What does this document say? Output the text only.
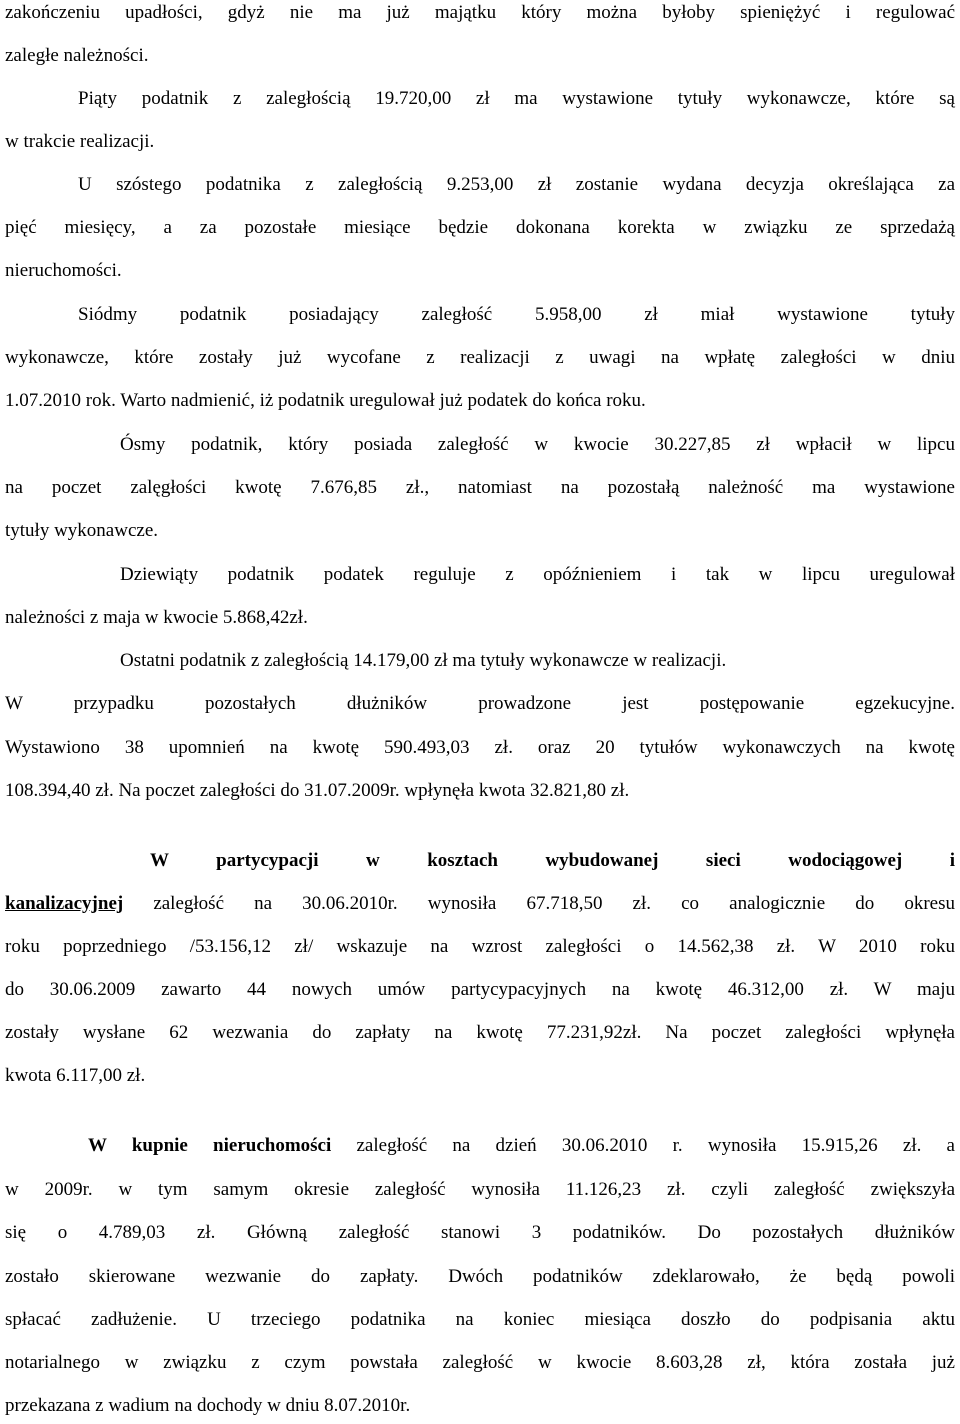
zakończeniu upadłości, gdyż nie ma już majątku który można byłoby spieniężyć i regulować
zaległe należności.
Piąty podatnik z zaległością 19.720,00 zł ma wystawione tytuły wykonawcze, które są
w trakcie realizacji.
U szóstego podatnika z zaległością 9.253,00 zł zostanie wydana decyzja określająca za
pięć miesięcy, a za pozostałe miesiące będzie dokonana korekta w związku ze sprzedażą
nieruchomości.
Siódmy podatnik posiadający zaległość 5.958,00 zł miał wystawione tytuły
wykonawcze, które zostały już wycofane z realizacji z uwagi na wpłatę zaległości w dniu
1.07.2010 rok. Warto nadmienić, iż podatnik uregulował już podatek do końca roku.
Ósmy podatnik, który posiada zaległość w kwocie 30.227,85 zł wpłacił w lipcu
na poczet zalęgłości kwotę 7.676,85 zł., natomiast na pozostałą należność ma wystawione
tytuły wykonawcze.
Dziewiąty podatnik podatek reguluje z opóźnieniem i tak w lipcu uregulował
należności z maja w kwocie 5.868,42zł.
Ostatni podatnik z zaległością 14.179,00 zł ma tytuły wykonawcze w realizacji.
W przypadku pozostałych dłużników prowadzone jest postępowanie egzekucyjne.
Wystawiono 38 upomnień na kwotę 590.493,03 zł. oraz 20 tytułów wykonawczych na kwotę
108.394,40 zł. Na poczet zaległości do 31.07.2009r. wpłynęła kwota 32.821,80 zł.
W partycypacji w kosztach wybudowanej sieci wodociągowej i
kanalizacyjnej zaległość na 30.06.2010r. wynosiła 67.718,50 zł. co analogicznie do okresu
roku poprzedniego /53.156,12 zł/ wskazuje na wzrost zaległości o 14.562,38 zł. W 2010 roku
do 30.06.2009 zawarto 44 nowych umów partycypacyjnych na kwotę 46.312,00 zł. W maju
zostały wysłane 62 wezwania do zapłaty na kwotę 77.231,92zł. Na poczet zaległości wpłynęła
kwota 6.117,00 zł.
W kupnie nieruchomości zaległość na dzień 30.06.2010 r. wynosiła 15.915,26 zł. a
w 2009r. w tym samym okresie zaległość wynosiła 11.126,23 zł. czyli zaległość zwiększyła
się o 4.789,03 zł. Główną zaległość stanowi 3 podatników. Do pozostałych dłużników
zostało skierowane wezwanie do zapłaty. Dwóch podatników zdeklarowało, że będą powoli
spłacać zadłużenie. U trzeciego podatnika na koniec miesiąca doszło do podpisania aktu
notarialnego w związku z czym powstała zaległość w kwocie 8.603,28 zł, która została już
przekazana z wadium na dochody w dniu 8.07.2010r.
